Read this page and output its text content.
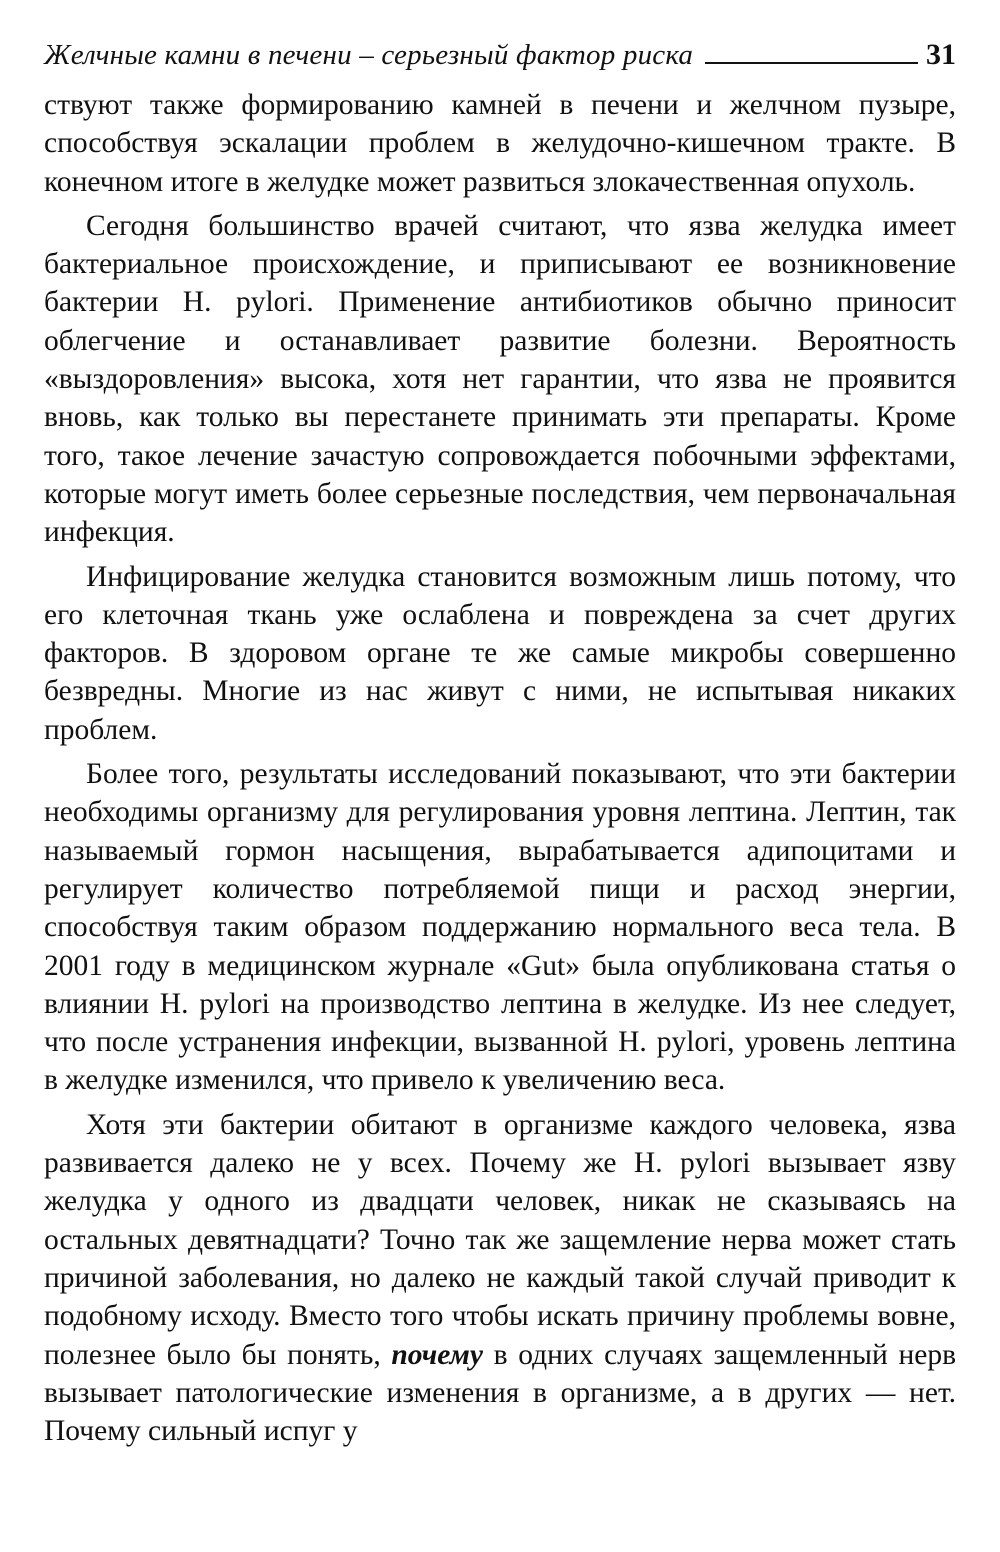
Желчные камни в печени – серьезный фактор риска	31

ствуют также формированию камней в печени и желчном пузыре, способствуя эскалации проблем в желудочно-кишечном тракте. В конечном итоге в желудке может развиться злокачественная опухоль.

Сегодня большинство врачей считают, что язва желудка имеет бактериальное происхождение, и приписывают ее возникновение бактерии H. pylori. Применение антибиотиков обычно приносит облегчение и останавливает развитие болезни. Вероятность «выздоровления» высока, хотя нет гарантии, что язва не проявится вновь, как только вы перестанете принимать эти препараты. Кроме того, такое лечение зачастую сопровождается побочными эффектами, которые могут иметь более серьезные последствия, чем первоначальная инфекция.

Инфицирование желудка становится возможным лишь потому, что его клеточная ткань уже ослаблена и повреждена за счет других факторов. В здоровом органе те же самые микробы совершенно безвредны. Многие из нас живут с ними, не испытывая никаких проблем.

Более того, результаты исследований показывают, что эти бактерии необходимы организму для регулирования уровня лептина. Лептин, так называемый гормон насыщения, вырабатывается адипоцитами и регулирует количество потребляемой пищи и расход энергии, способствуя таким образом поддержанию нормального веса тела. В 2001 году в медицинском журнале «Gut» была опубликована статья о влиянии H. pylori на производство лептина в желудке. Из нее следует, что после устранения инфекции, вызванной H. pylori, уровень лептина в желудке изменился, что привело к увеличению веса.

Хотя эти бактерии обитают в организме каждого человека, язва развивается далеко не у всех. Почему же H. pylori вызывает язву желудка у одного из двадцати человек, никак не сказываясь на остальных девятнадцати? Точно так же защемление нерва может стать причиной заболевания, но далеко не каждый такой случай приводит к подобному исходу. Вместо того чтобы искать причину проблемы вовне, полезнее было бы понять, почему в одних случаях защемленный нерв вызывает патологические изменения в организме, а в других — нет. Почему сильный испуг у
